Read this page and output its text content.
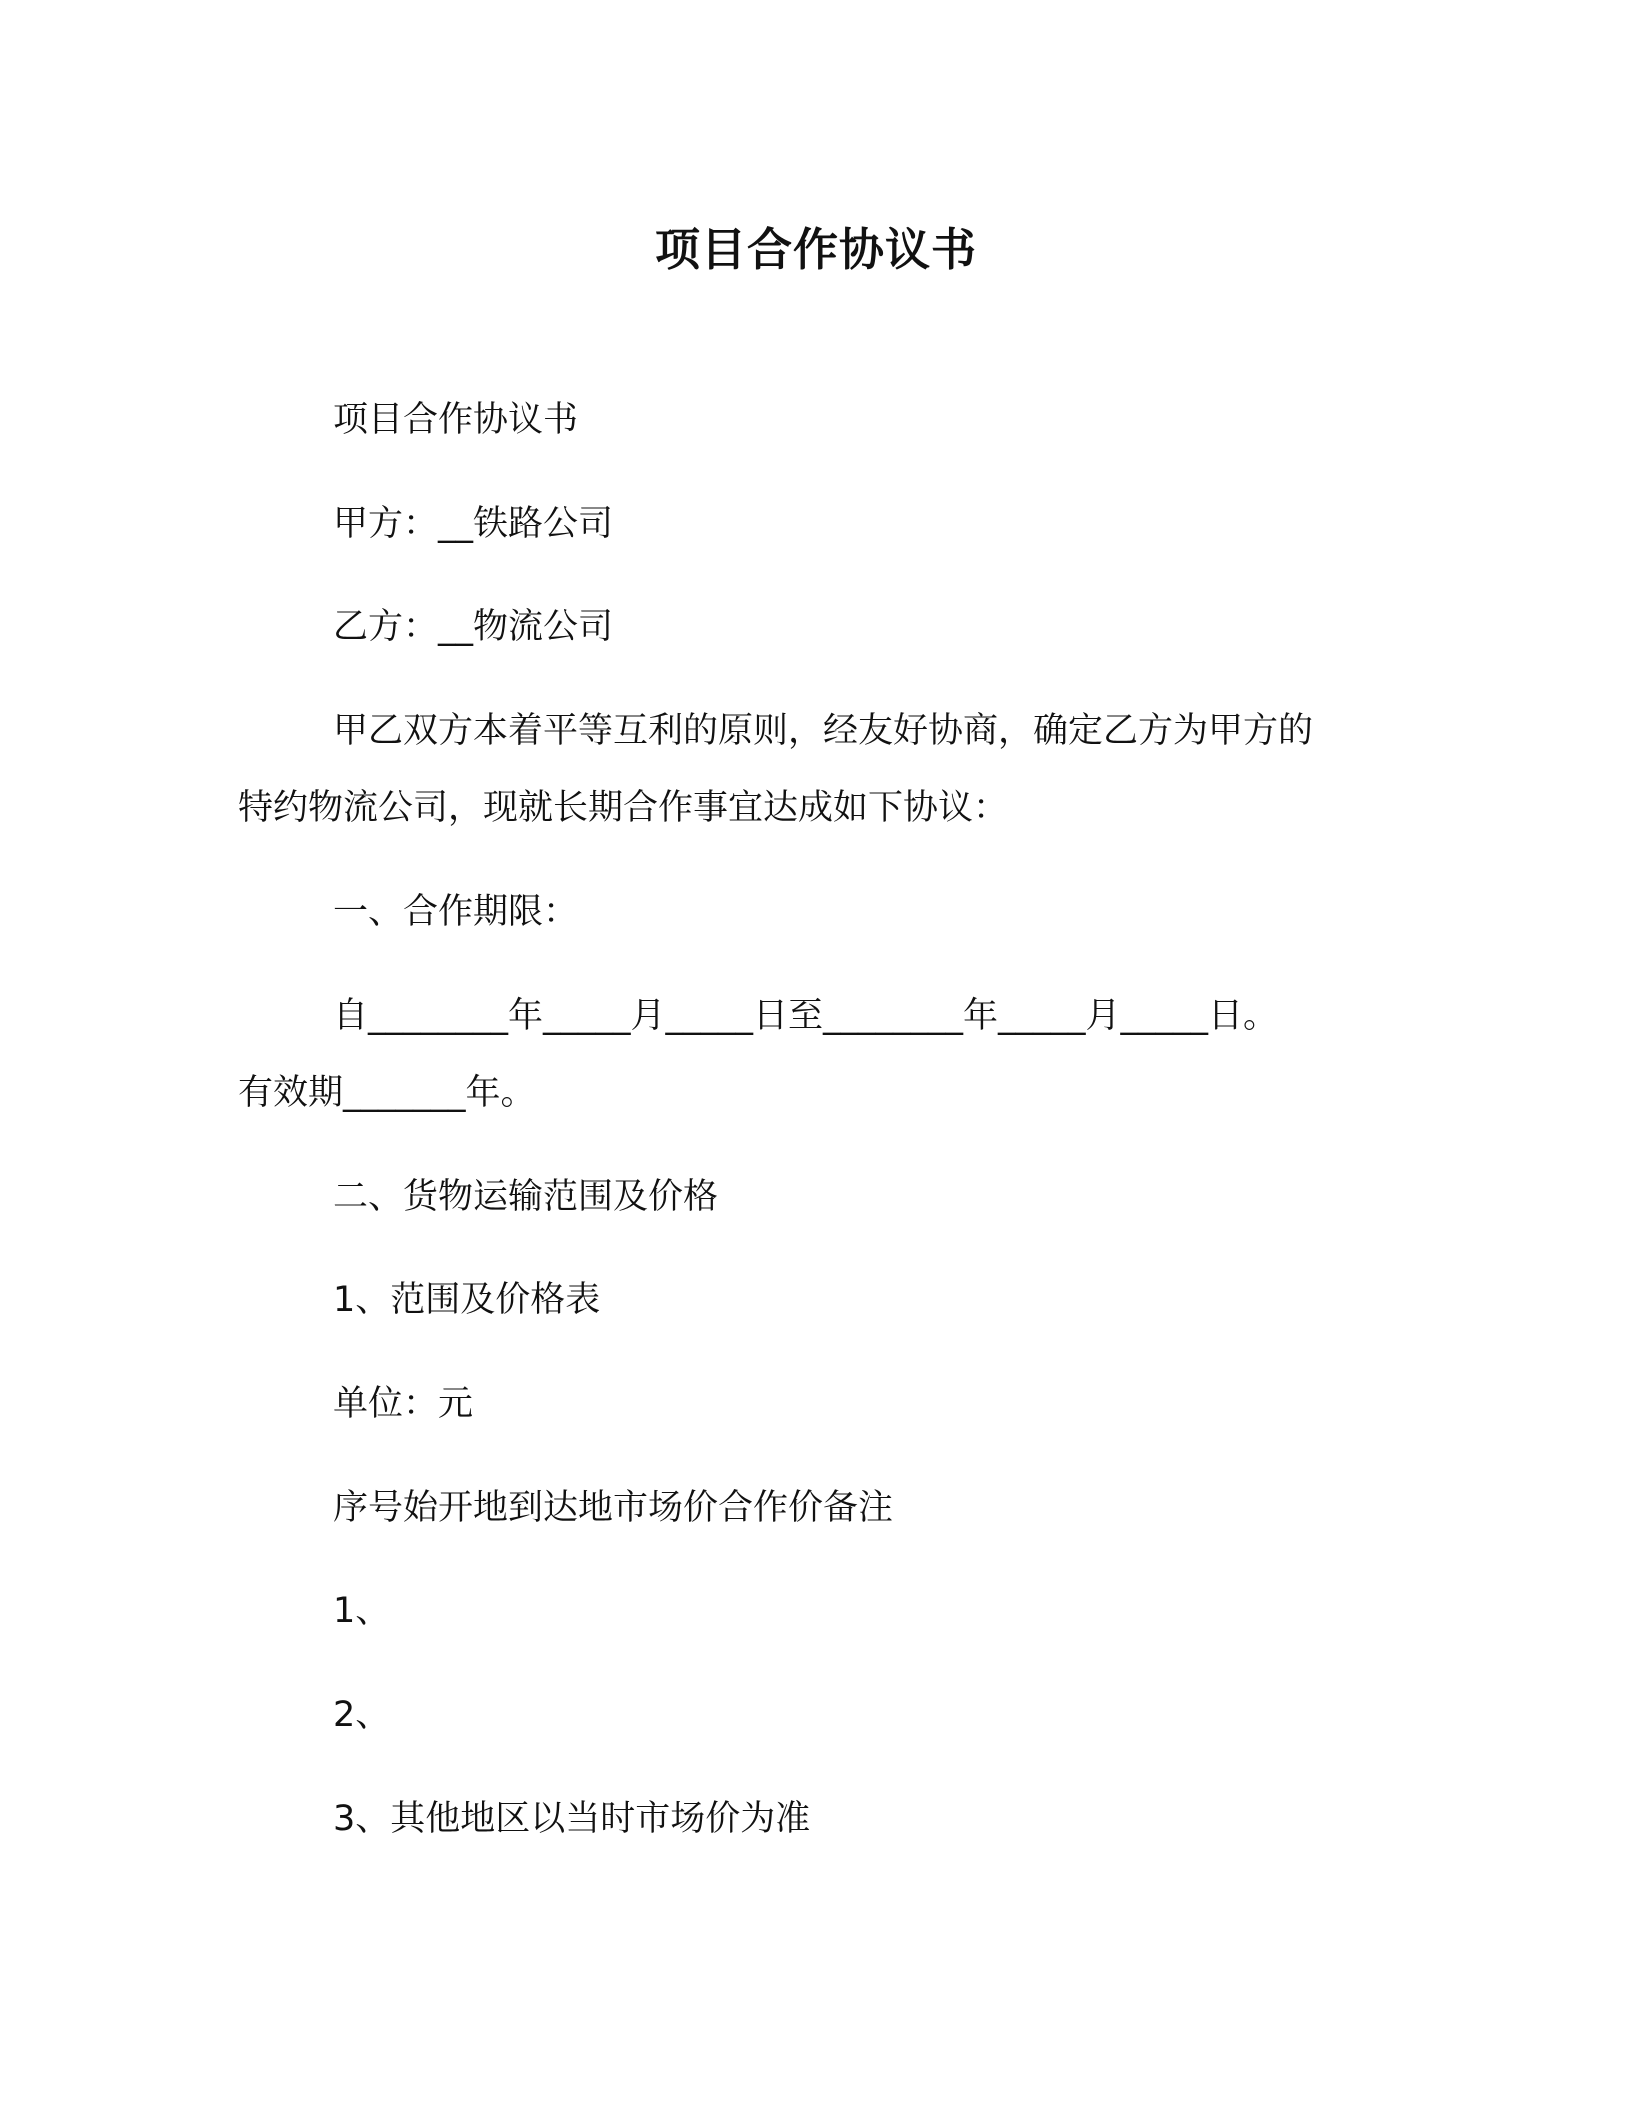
项目合作协议书
项目合作协议书
甲方：__铁路公司
乙方：__物流公司
甲乙双方本着平等互利的原则，经友好协商，确定乙方为甲方的
特约物流公司，现就长期合作事宜达成如下协议：
一、合作期限：
自________年_____月_____日至________年_____月_____日。
有效期_______年。
二、货物运输范围及价格
1、范围及价格表
单位：元
序号始开地到达地市场价合作价备注
1、
2、
3、其他地区以当时市场价为准
